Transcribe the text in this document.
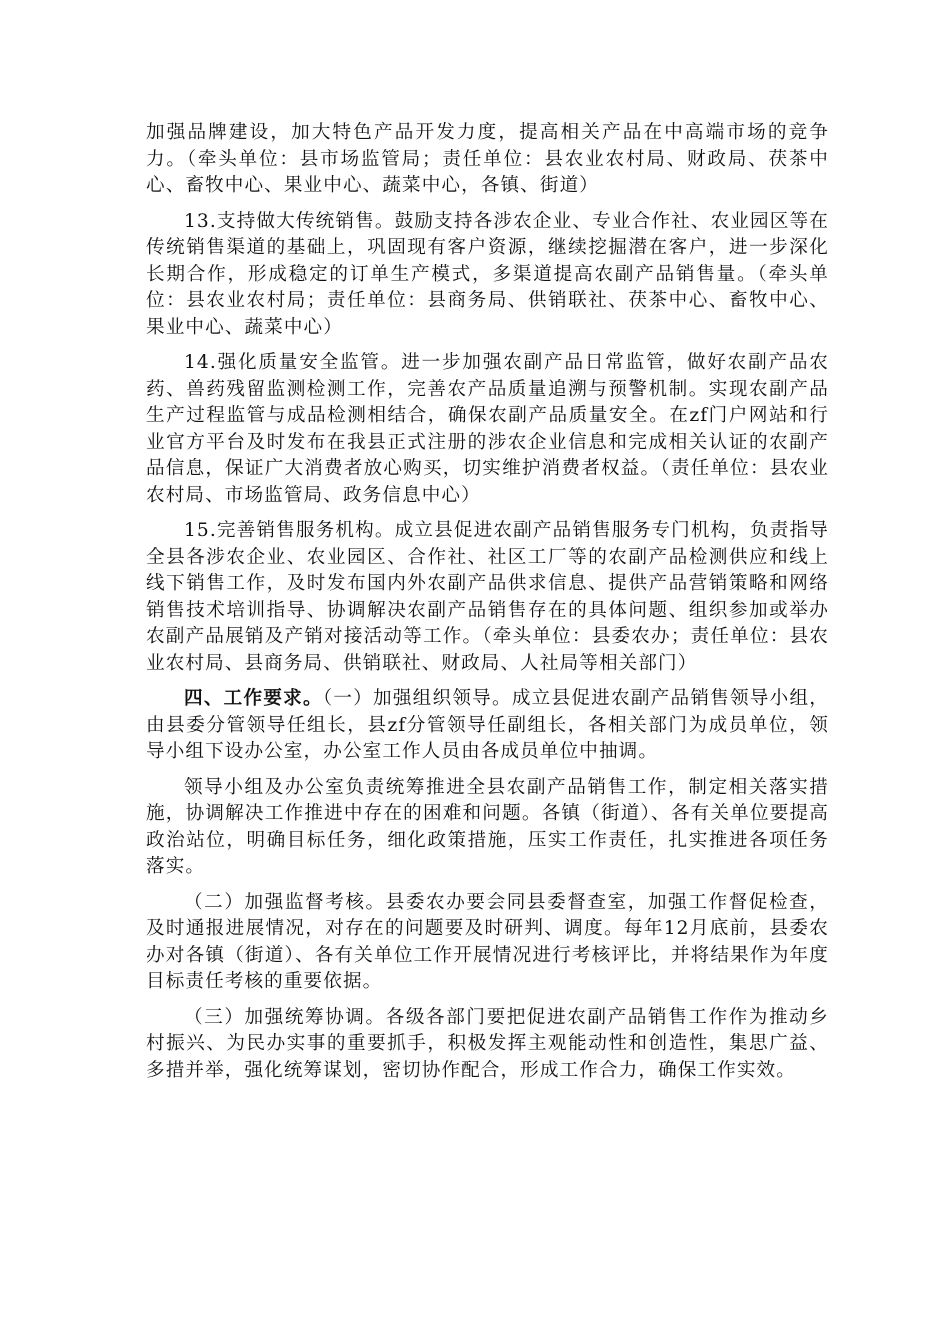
加强品牌建设，加大特色产品开发力度，提高相关产品在中高端市场的竞争力。（牵头单位：县市场监管局；责任单位：县农业农村局、财政局、茯茶中心、畜牧中心、果业中心、蔬菜中心，各镇、街道）

13.支持做大传统销售。鼓励支持各涉农企业、专业合作社、农业园区等在传统销售渠道的基础上，巩固现有客户资源，继续挖掘潜在客户，进一步深化长期合作，形成稳定的订单生产模式，多渠道提高农副产品销售量。（牵头单位：县农业农村局；责任单位：县商务局、供销联社、茯茶中心、畜牧中心、果业中心、蔬菜中心）

14.强化质量安全监管。进一步加强农副产品日常监管，做好农副产品农药、兽药残留监测检测工作，完善农产品质量追溯与预警机制。实现农副产品生产过程监管与成品检测相结合，确保农副产品质量安全。在zf门户网站和行业官方平台及时发布在我县正式注册的涉农企业信息和完成相关认证的农副产品信息，保证广大消费者放心购买，切实维护消费者权益。（责任单位：县农业农村局、市场监管局、政务信息中心）

15.完善销售服务机构。成立县促进农副产品销售服务专门机构，负责指导全县各涉农企业、农业园区、合作社、社区工厂等的农副产品检测供应和线上线下销售工作，及时发布国内外农副产品供求信息、提供产品营销策略和网络销售技术培训指导、协调解决农副产品销售存在的具体问题、组织参加或举办农副产品展销及产销对接活动等工作。（牵头单位：县委农办；责任单位：县农业农村局、县商务局、供销联社、财政局、人社局等相关部门）

四、工作要求。（一）加强组织领导。成立县促进农副产品销售领导小组，由县委分管领导任组长，县zf分管领导任副组长，各相关部门为成员单位，领导小组下设办公室，办公室工作人员由各成员单位中抽调。

领导小组及办公室负责统筹推进全县农副产品销售工作，制定相关落实措施，协调解决工作推进中存在的困难和问题。各镇（街道）、各有关单位要提高政治站位，明确目标任务，细化政策措施，压实工作责任，扎实推进各项任务落实。

（二）加强监督考核。县委农办要会同县委督查室，加强工作督促检查，及时通报进展情况，对存在的问题要及时研判、调度。每年12月底前，县委农办对各镇（街道）、各有关单位工作开展情况进行考核评比，并将结果作为年度目标责任考核的重要依据。

（三）加强统筹协调。各级各部门要把促进农副产品销售工作作为推动乡村振兴、为民办实事的重要抓手，积极发挥主观能动性和创造性，集思广益、多措并举，强化统筹谋划，密切协作配合，形成工作合力，确保工作实效。
